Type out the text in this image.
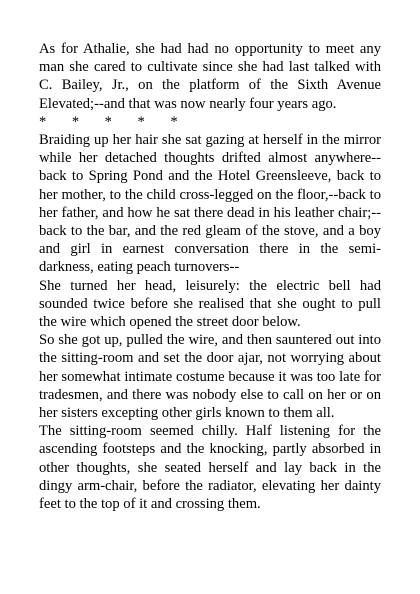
As for Athalie, she had had no opportunity to meet any man she cared to cultivate since she had last talked with C. Bailey, Jr., on the platform of the Sixth Avenue Elevated;--and that was now nearly four years ago.

*       *       *       *       *

Braiding up her hair she sat gazing at herself in the mirror while her detached thoughts drifted almost anywhere--back to Spring Pond and the Hotel Greensleeve, back to her mother, to the child cross-legged on the floor,--back to her father, and how he sat there dead in his leather chair;--back to the bar, and the red gleam of the stove, and a boy and girl in earnest conversation there in the semi-darkness, eating peach turnovers--

She turned her head, leisurely: the electric bell had sounded twice before she realised that she ought to pull the wire which opened the street door below.

So she got up, pulled the wire, and then sauntered out into the sitting-room and set the door ajar, not worrying about her somewhat intimate costume because it was too late for tradesmen, and there was nobody else to call on her or on her sisters excepting other girls known to them all.

The sitting-room seemed chilly. Half listening for the ascending footsteps and the knocking, partly absorbed in other thoughts, she seated herself and lay back in the dingy arm-chair, before the radiator, elevating her dainty feet to the top of it and crossing them.
